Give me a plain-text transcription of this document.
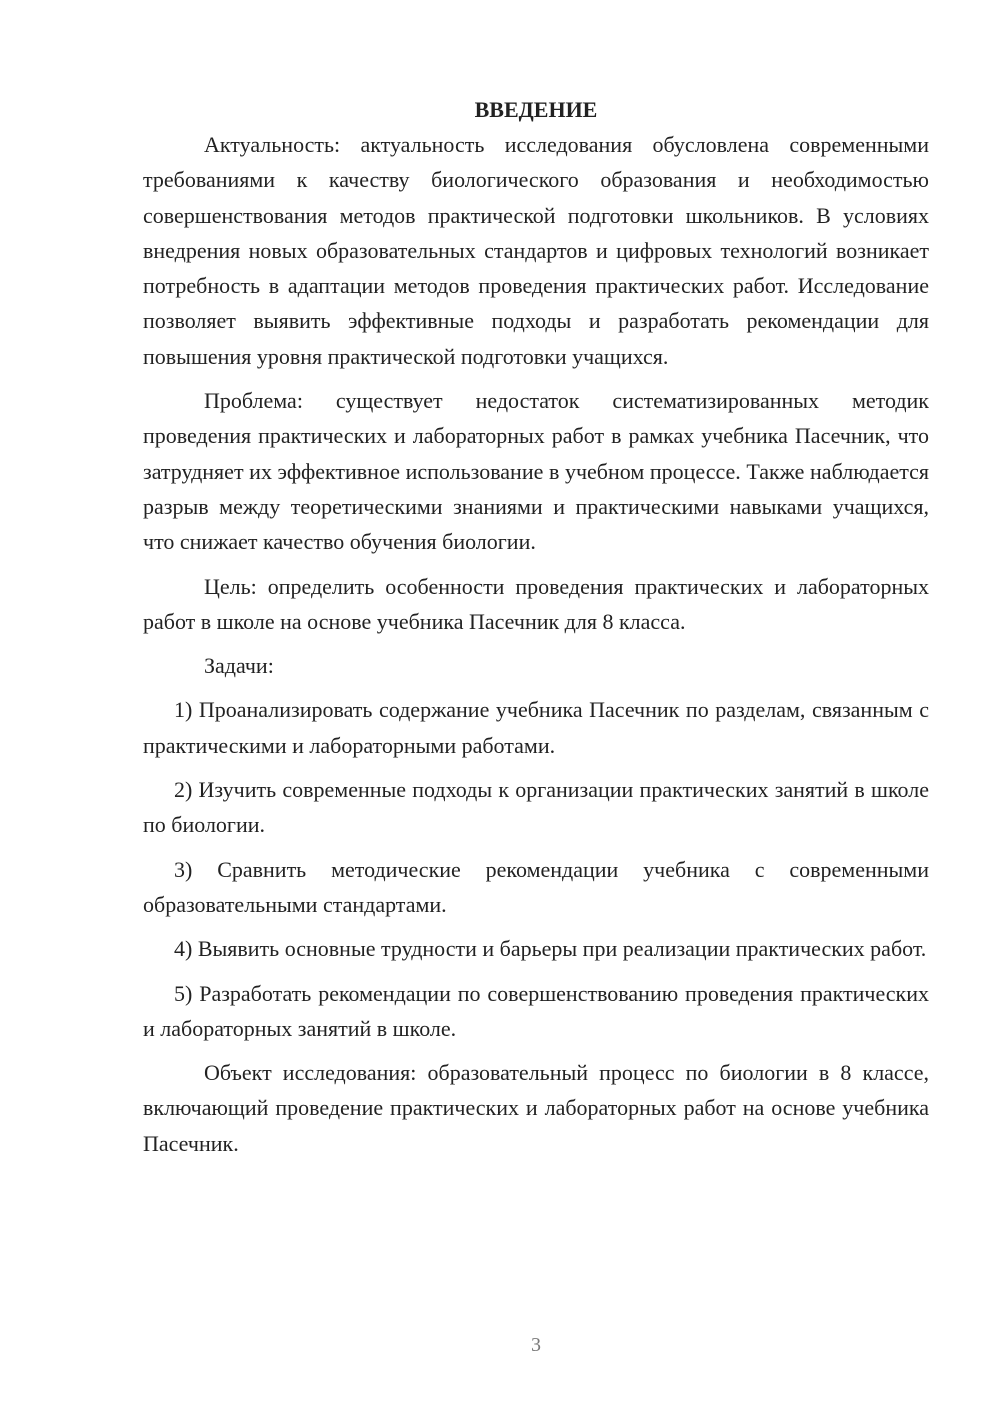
ВВЕДЕНИЕ

Актуальность: актуальность исследования обусловлена современными требованиями к качеству биологического образования и необходимостью совершенствования методов практической подготовки школьников. В условиях внедрения новых образовательных стандартов и цифровых технологий возникает потребность в адаптации методов проведения практических работ. Исследование позволяет выявить эффективные подходы и разработать рекомендации для повышения уровня практической подготовки учащихся.

Проблема: существует недостаток систематизированных методик проведения практических и лабораторных работ в рамках учебника Пасечник, что затрудняет их эффективное использование в учебном процессе. Также наблюдается разрыв между теоретическими знаниями и практическими навыками учащихся, что снижает качество обучения биологии.

Цель: определить особенности проведения практических и лабораторных работ в школе на основе учебника Пасечник для 8 класса.

Задачи:

1) Проанализировать содержание учебника Пасечник по разделам, связанным с практическими и лабораторными работами.

2) Изучить современные подходы к организации практических занятий в школе по биологии.

3) Сравнить методические рекомендации учебника с современными образовательными стандартами.

4) Выявить основные трудности и барьеры при реализации практических работ.

5) Разработать рекомендации по совершенствованию проведения практических и лабораторных занятий в школе.

Объект исследования: образовательный процесс по биологии в 8 классе, включающий проведение практических и лабораторных работ на основе учебника Пасечник.

3
